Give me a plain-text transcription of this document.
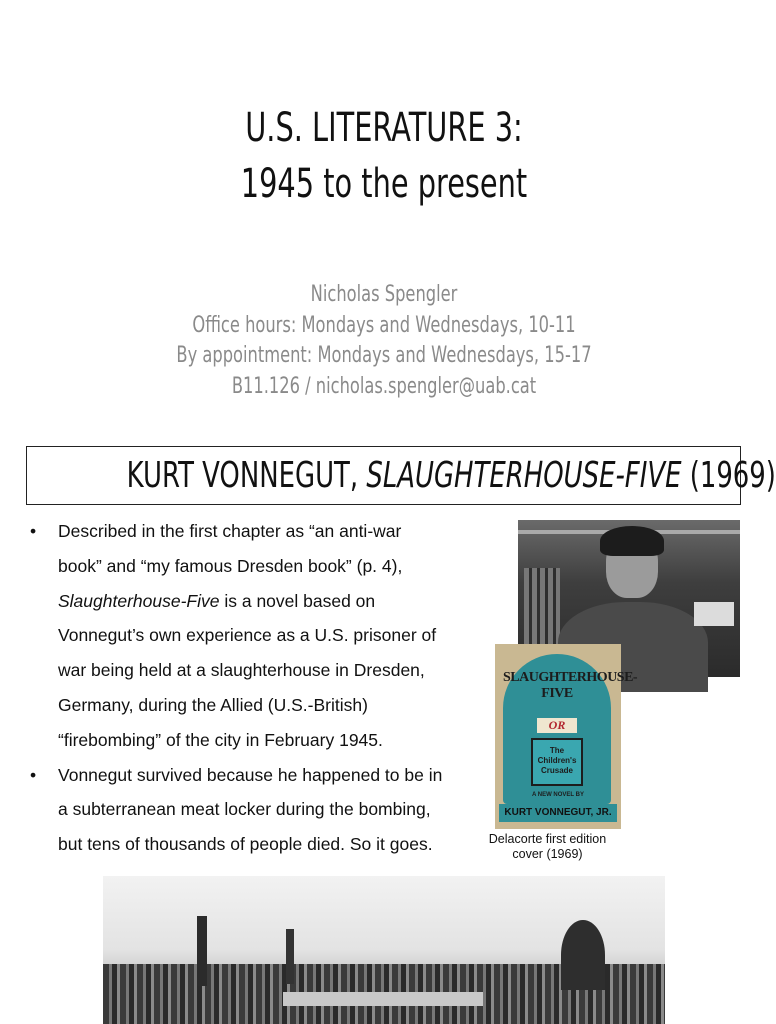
U.S. LITERATURE 3:
1945 to the present
Nicholas Spengler
Office hours: Mondays and Wednesdays, 10-11
By appointment: Mondays and Wednesdays, 15-17
B11.126 / nicholas.spengler@uab.cat
KURT VONNEGUT, SLAUGHTERHOUSE-FIVE (1969)
• Described in the first chapter as “an anti-war
book” and “my famous Dresden book” (p. 4),
Slaughterhouse-Five is a novel based on
Vonnegut’s own experience as a U.S. prisoner of
war being held at a slaughterhouse in Dresden,
Germany, during the Allied (U.S.-British)
“firebombing” of the city in February 1945.
• Vonnegut survived because he happened to be in
a subterranean meat locker during the bombing,
but tens of thousands of people died. So it goes.
SLAUGHTERHOUSE-FIVE
OR
The
Children's
Crusade
A NEW NOVEL BY
KURT VONNEGUT, JR.
Delacorte first edition
cover (1969)
